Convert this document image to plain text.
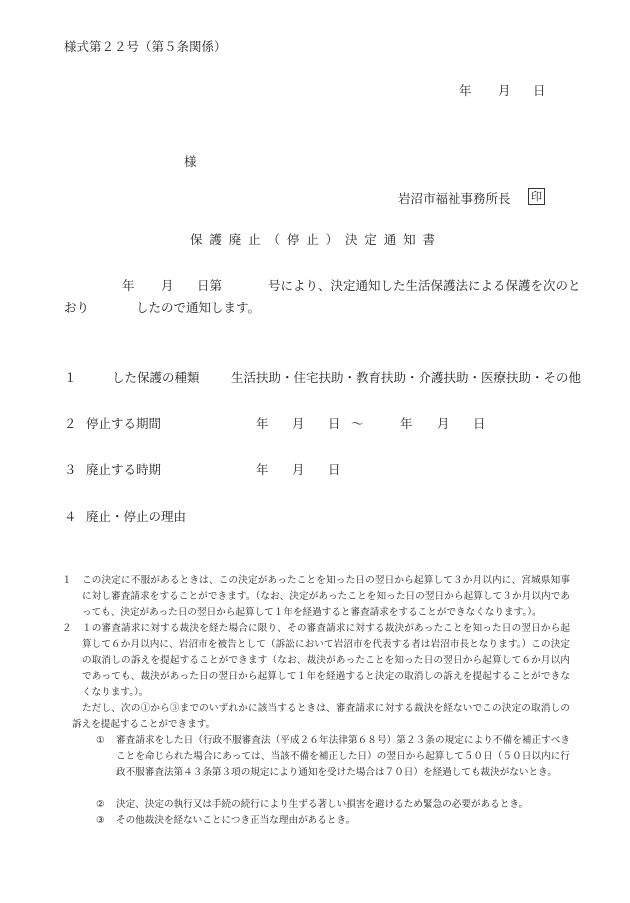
様式第２２号（第５条関係）
年 月 日
様
岩沼市福祉事務所長 印
保護廃止（停止）決定通知書
年 月 日第	号により、決定通知した生活保護法による保護を次のと
おり	したので通知します。
１	した保護の種類	生活扶助・住宅扶助・教育扶助・介護扶助・医療扶助・その他
２ 停止する期間	年 月 日 ～	年 月 日
３ 廃止する時期	年 月 日
４ 廃止・停止の理由
１	この決定に不服があるときは、この決定があったことを知った日の翌日から起算して３か月以内に、宮城県知事に対し審査請求をすることができます。（なお、決定があったことを知った日の翌日から起算して３か月以内であっても、決定があった日の翌日から起算して１年を経過すると審査請求をすることができなくなります。）。
２	１の審査請求に対する裁決を経た場合に限り、その審査請求に対する裁決があったことを知った日の翌日から起算して６か月以内に、岩沼市を被告として（訴訟において岩沼市を代表する者は岩沼市長となります。）この決定の取消しの訴えを提起することができます（なお、裁決があったことを知った日の翌日から起算して６か月以内であっても、裁決があった日の翌日から起算して１年を経過すると決定の取消しの訴えを提起することができなくなります。）。
ただし、次の①から③までのいずれかに該当するときは、審査請求に対する裁決を経ないでこの決定の取消しの訴えを提起することができます。
①	審査請求をした日（行政不服審査法（平成２６年法律第６８号）第２３条の規定により不備を補正すべきことを命じられた場合にあっては、当該不備を補正した日）の翌日から起算して５０日（５０日以内に行政不服審査法第４３条第３項の規定により通知を受けた場合は７０日）を経過しても裁決がないとき。
②	決定、決定の執行又は手続の続行により生ずる著しい損害を避けるため緊急の必要があるとき。
③	その他裁決を経ないことにつき正当な理由があるとき。
